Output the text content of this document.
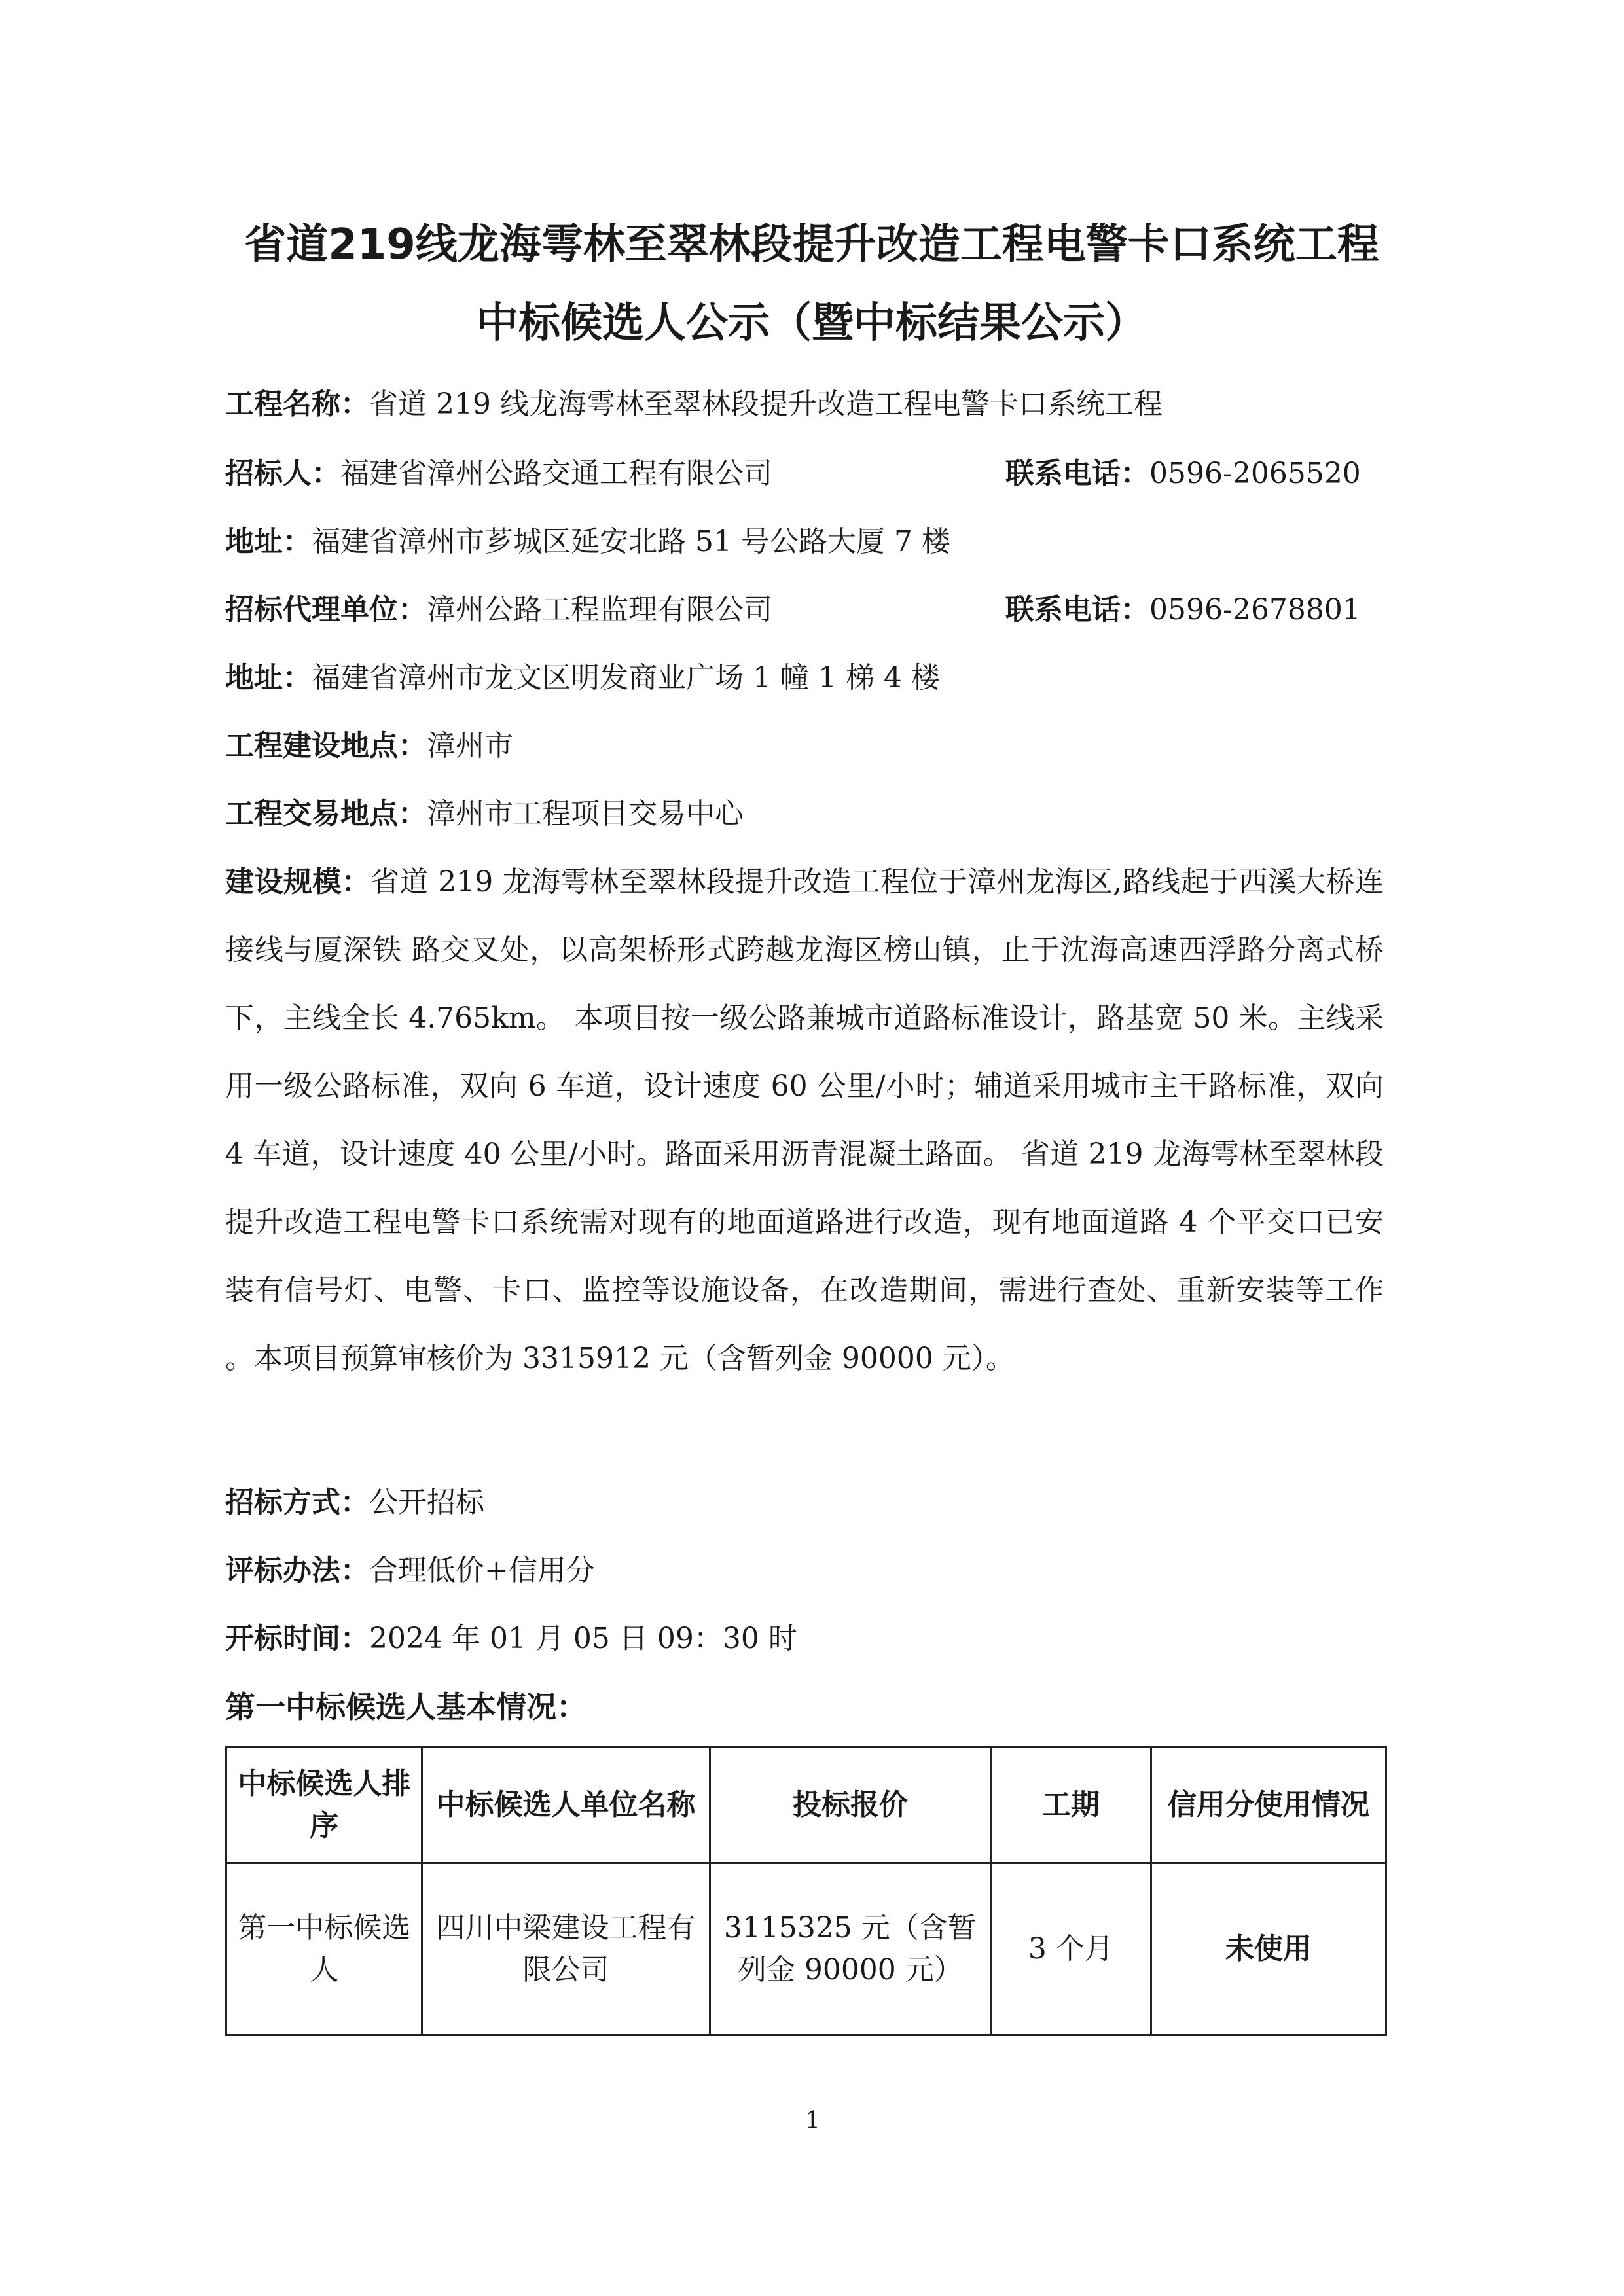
省道219线龙海雩林至翠林段提升改造工程电警卡口系统工程
中标候选人公示（暨中标结果公示）
工程名称：省道 219 线龙海雩林至翠林段提升改造工程电警卡口系统工程
招标人：福建省漳州公路交通工程有限公司	联系电话：0596-2065520
地址：福建省漳州市芗城区延安北路 51 号公路大厦 7 楼
招标代理单位：漳州公路工程监理有限公司	联系电话：0596-2678801
地址：福建省漳州市龙文区明发商业广场 1 幢 1 梯 4 楼
工程建设地点：漳州市
工程交易地点：漳州市工程项目交易中心

建设规模：省道 219 龙海雩林至翠林段提升改造工程位于漳州龙海区,路线起于西溪大桥连接线与厦深铁 路交叉处，以高架桥形式跨越龙海区榜山镇，止于沈海高速西浮路分离式桥下，主线全长 4.765km。 本项目按一级公路兼城市道路标准设计，路基宽 50 米。主线采用一级公路标准，双向 6 车道，设计速度 60 公里/小时；辅道采用城市主干路标准，双向 4 车道，设计速度 40 公里/小时。路面采用沥青混凝土路面。 省道 219 龙海雩林至翠林段提升改造工程电警卡口系统需对现有的地面道路进行改造，现有地面道路 4 个平交口已安装有信号灯、电警、卡口、监控等设施设备，在改造期间，需进行查处、重新安装等工作 。本项目预算审核价为 3315912 元（含暂列金 90000 元）。

招标方式：公开招标
评标办法：合理低价+信用分
开标时间：2024 年 01 月 05 日 09：30 时
第一中标候选人基本情况：
中标候选人排序	中标候选人单位名称	投标报价	工期	信用分使用情况
第一中标候选人	四川中梁建设工程有限公司	3115325 元（含暂列金 90000 元）	3 个月	未使用
1
